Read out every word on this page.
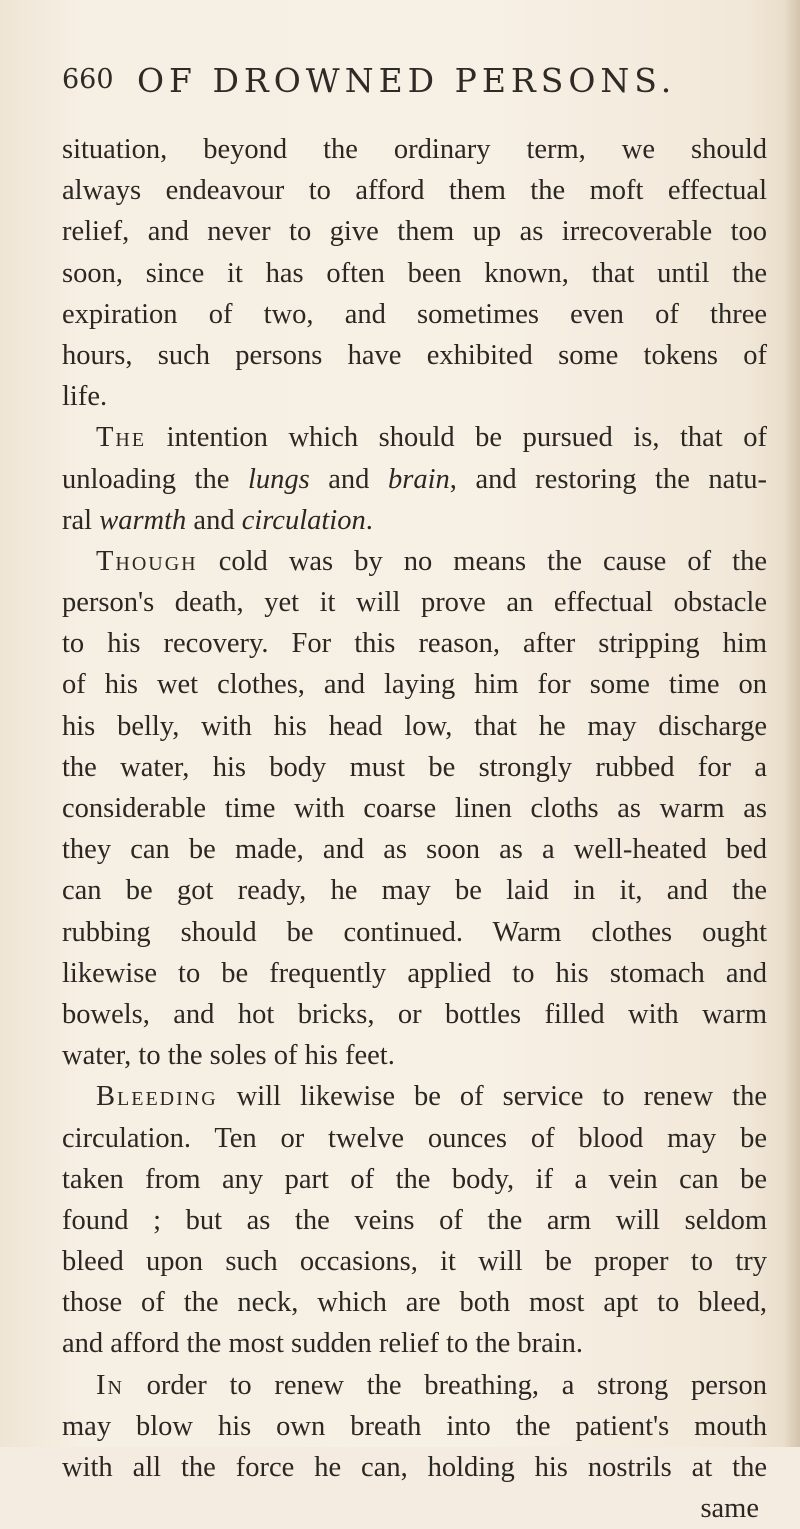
660 OF DROWNED PERSONS.
situation, beyond the ordinary term, we should
always endeavour to afford them the moft effectual
relief, and never to give them up as irrecoverable too
soon, since it has often been known, that until the
expiration of two, and sometimes even of three
hours, such persons have exhibited some tokens of
life.
The intention which should be pursued is, that of
unloading the lungs and brain, and restoring the natu-
ral warmth and circulation.
Though cold was by no means the cause of the
person's death, yet it will prove an effectual obstacle
to his recovery. For this reason, after stripping him
of his wet clothes, and laying him for some time on
his belly, with his head low, that he may discharge
the water, his body must be strongly rubbed for a
considerable time with coarse linen cloths as warm as
they can be made, and as soon as a well-heated bed
can be got ready, he may be laid in it, and the
rubbing should be continued. Warm clothes ought
likewise to be frequently applied to his stomach and
bowels, and hot bricks, or bottles filled with warm
water, to the soles of his feet.
Bleeding will likewise be of service to renew the
circulation. Ten or twelve ounces of blood may be
taken from any part of the body, if a vein can be
found ; but as the veins of the arm will seldom
bleed upon such occasions, it will be proper to try
those of the neck, which are both most apt to bleed,
and afford the most sudden relief to the brain.
In order to renew the breathing, a strong person
may blow his own breath into the patient's mouth
with all the force he can, holding his nostrils at the
same
